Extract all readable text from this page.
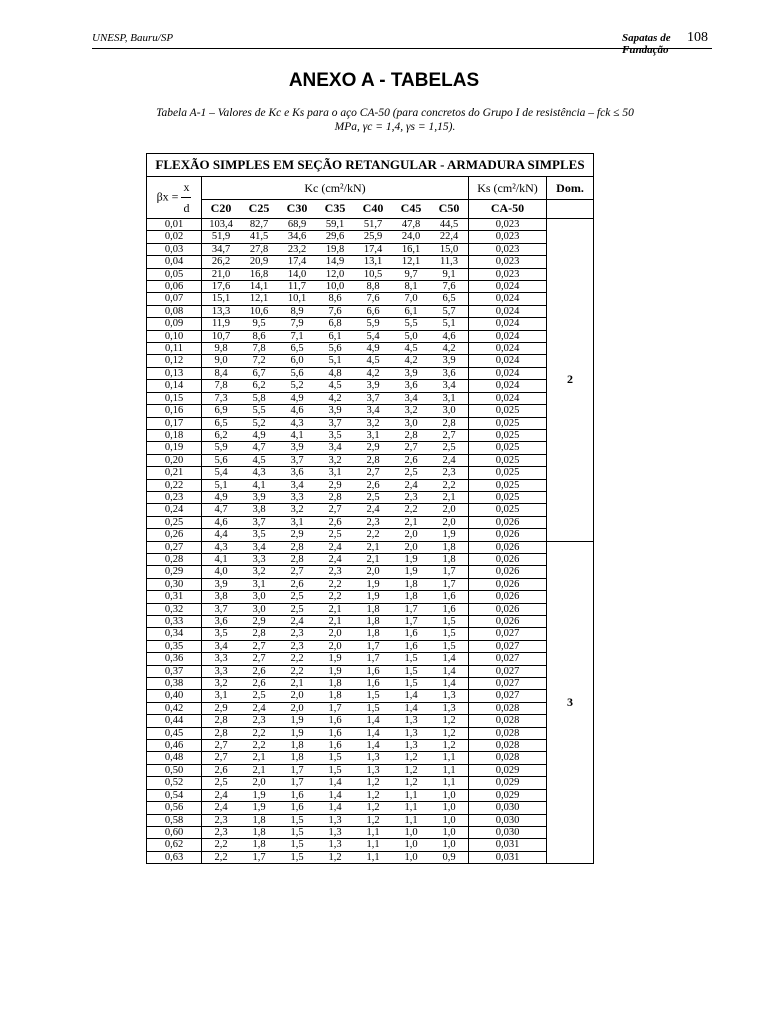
UNESP, Bauru/SP	Sapatas de Fundação
108
ANEXO A - TABELAS
Tabela A-1 – Valores de Kc e Ks para o aço CA-50 (para concretos do Grupo I de resistência – fck ≤ 50 MPa, γc = 1,4, γs = 1,15).
FLEXÃO SIMPLES EM SEÇÃO RETANGULAR - ARMADURA SIMPLES									
$\beta x = \frac{x}{d}$	Kc (cm²/kN)							Ks (cm²/kN)	Dom.
	C20	C25	C30	C35	C40	C45	C50	CA-50	
0,01	103,4	82,7	68,9	59,1	51,7	47,8	44,5	0,023	2
0,02	51,9	41,5	34,6	29,6	25,9	24,0	22,4	0,023	
0,03	34,7	27,8	23,2	19,8	17,4	16,1	15,0	0,023	
0,04	26,2	20,9	17,4	14,9	13,1	12,1	11,3	0,023	
0,05	21,0	16,8	14,0	12,0	10,5	9,7	9,1	0,023	
0,06	17,6	14,1	11,7	10,0	8,8	8,1	7,6	0,024	
0,07	15,1	12,1	10,1	8,6	7,6	7,0	6,5	0,024	
0,08	13,3	10,6	8,9	7,6	6,6	6,1	5,7	0,024	
0,09	11,9	9,5	7,9	6,8	5,9	5,5	5,1	0,024	
0,10	10,7	8,6	7,1	6,1	5,4	5,0	4,6	0,024	
0,11	9,8	7,8	6,5	5,6	4,9	4,5	4,2	0,024	
0,12	9,0	7,2	6,0	5,1	4,5	4,2	3,9	0,024	
0,13	8,4	6,7	5,6	4,8	4,2	3,9	3,6	0,024	
0,14	7,8	6,2	5,2	4,5	3,9	3,6	3,4	0,024	
0,15	7,3	5,8	4,9	4,2	3,7	3,4	3,1	0,024	
0,16	6,9	5,5	4,6	3,9	3,4	3,2	3,0	0,025	
0,17	6,5	5,2	4,3	3,7	3,2	3,0	2,8	0,025	
0,18	6,2	4,9	4,1	3,5	3,1	2,8	2,7	0,025	
0,19	5,9	4,7	3,9	3,4	2,9	2,7	2,5	0,025	
0,20	5,6	4,5	3,7	3,2	2,8	2,6	2,4	0,025	
0,21	5,4	4,3	3,6	3,1	2,7	2,5	2,3	0,025	
0,22	5,1	4,1	3,4	2,9	2,6	2,4	2,2	0,025	
0,23	4,9	3,9	3,3	2,8	2,5	2,3	2,1	0,025	
0,24	4,7	3,8	3,2	2,7	2,4	2,2	2,0	0,025	
0,25	4,6	3,7	3,1	2,6	2,3	2,1	2,0	0,026	
0,26	4,4	3,5	2,9	2,5	2,2	2,0	1,9	0,026	
0,27	4,3	3,4	2,8	2,4	2,1	2,0	1,8	0,026	3
0,28	4,1	3,3	2,8	2,4	2,1	1,9	1,8	0,026	
0,29	4,0	3,2	2,7	2,3	2,0	1,9	1,7	0,026	
0,30	3,9	3,1	2,6	2,2	1,9	1,8	1,7	0,026	
0,31	3,8	3,0	2,5	2,2	1,9	1,8	1,6	0,026	
0,32	3,7	3,0	2,5	2,1	1,8	1,7	1,6	0,026	
0,33	3,6	2,9	2,4	2,1	1,8	1,7	1,5	0,026	
0,34	3,5	2,8	2,3	2,0	1,8	1,6	1,5	0,027	
0,35	3,4	2,7	2,3	2,0	1,7	1,6	1,5	0,027	
0,36	3,3	2,7	2,2	1,9	1,7	1,5	1,4	0,027	
0,37	3,3	2,6	2,2	1,9	1,6	1,5	1,4	0,027	
0,38	3,2	2,6	2,1	1,8	1,6	1,5	1,4	0,027	
0,40	3,1	2,5	2,0	1,8	1,5	1,4	1,3	0,027	
0,42	2,9	2,4	2,0	1,7	1,5	1,4	1,3	0,028	
0,44	2,8	2,3	1,9	1,6	1,4	1,3	1,2	0,028	
0,45	2,8	2,2	1,9	1,6	1,4	1,3	1,2	0,028	
0,46	2,7	2,2	1,8	1,6	1,4	1,3	1,2	0,028	
0,48	2,7	2,1	1,8	1,5	1,3	1,2	1,1	0,028	
0,50	2,6	2,1	1,7	1,5	1,3	1,2	1,1	0,029	
0,52	2,5	2,0	1,7	1,4	1,2	1,2	1,1	0,029	
0,54	2,4	1,9	1,6	1,4	1,2	1,1	1,0	0,029	
0,56	2,4	1,9	1,6	1,4	1,2	1,1	1,0	0,030	
0,58	2,3	1,8	1,5	1,3	1,2	1,1	1,0	0,030	
0,60	2,3	1,8	1,5	1,3	1,1	1,0	1,0	0,030	
0,62	2,2	1,8	1,5	1,3	1,1	1,0	1,0	0,031	
0,63	2,2	1,7	1,5	1,2	1,1	1,0	0,9	0,031	
